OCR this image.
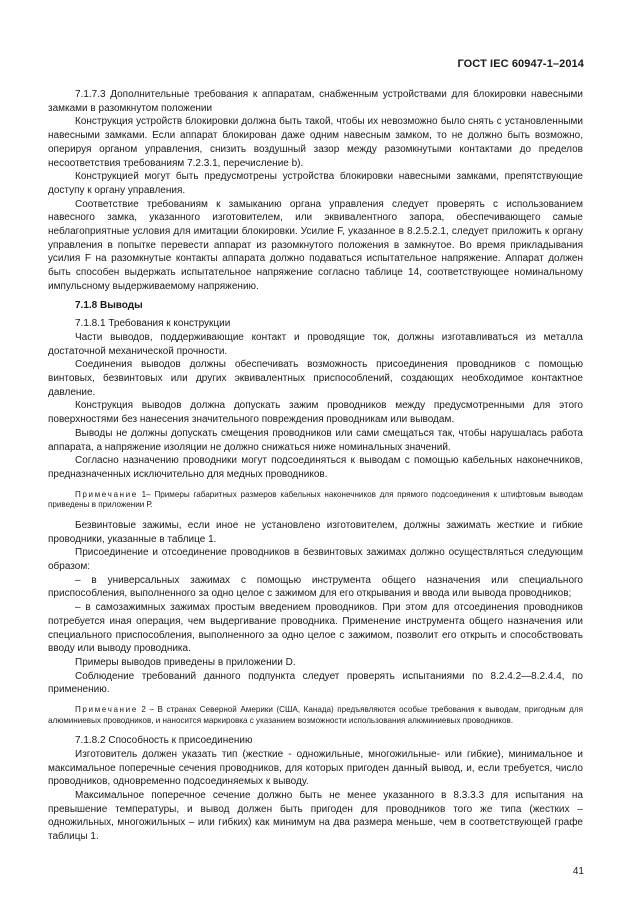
ГОСТ IEC 60947-1–2014

7.1.7.3 Дополнительные требования к аппаратам, снабженным устройствами для блокировки навесными замками в разомкнутом положении

Конструкция устройств блокировки должна быть такой, чтобы их невозможно было снять с установленными навесными замками. Если аппарат блокирован даже одним навесным замком, то не должно быть возможно, оперируя органом управления, снизить воздушный зазор между разомкнутыми контактами до пределов несоответствия требованиям 7.2.3.1, перечисление b).

Конструкцией могут быть предусмотрены устройства блокировки навесными замками, препятствующие доступу к органу управления.

Соответствие требованиям к замыканию органа управления следует проверять с использованием навесного замка, указанного изготовителем, или эквивалентного запора, обеспечивающего самые неблагоприятные условия для имитации блокировки. Усилие F, указанное в 8.2.5.2.1, следует приложить к органу управления в попытке перевести аппарат из разомкнутого положения в замкнутое. Во время прикладывания усилия F на разомкнутые контакты аппарата должно подаваться испытательное напряжение. Аппарат должен быть способен выдержать испытательное напряжение согласно таблице 14, соответствующее номинальному импульсному выдерживаемому напряжению.

7.1.8 Выводы

7.1.8.1 Требования к конструкции

Части выводов, поддерживающие контакт и проводящие ток, должны изготавливаться из металла достаточной механической прочности.

Соединения выводов должны обеспечивать возможность присоединения проводников с помощью винтовых, безвинтовых или других эквивалентных приспособлений, создающих необходимое контактное давление.

Конструкция выводов должна допускать зажим проводников между предусмотренными для этого поверхностями без нанесения значительного повреждения проводникам или выводам.

Выводы не должны допускать смещения проводников или сами смещаться так, чтобы нарушалась работа аппарата, а напряжение изоляции не должно снижаться ниже номинальных значений.

Согласно назначению проводники могут подсоединяться к выводам с помощью кабельных наконечников, предназначенных исключительно для медных проводников.

Примечание 1– Примеры габаритных размеров кабельных наконечников для прямого подсоединения к штифтовым выводам приведены в приложении Р.

Безвинтовые зажимы, если иное не установлено изготовителем, должны зажимать жесткие и гибкие проводники, указанные в таблице 1.

Присоединение и отсоединение проводников в безвинтовых зажимах должно осуществляться следующим образом:

– в универсальных зажимах с помощью инструмента общего назначения или специального приспособления, выполненного за одно целое с зажимом для его открывания и ввода или вывода проводников;

– в самозажимных зажимах простым введением проводников. При этом для отсоединения проводников потребуется иная операция, чем выдергивание проводника. Применение инструмента общего назначения или специального приспособления, выполненного за одно целое с зажимом, позволит его открыть и способствовать вводу или выводу проводника.

Примеры выводов приведены в приложении D.

Соблюдение требований данного подпункта следует проверять испытаниями по 8.2.4.2—8.2.4.4, по применению.

Примечание 2 – В странах Северной Америки (США, Канада) предъявляются особые требования к выводам, пригодным для алюминиевых проводников, и наносится маркировка с указанием возможности использования алюминиевых проводников.

7.1.8.2 Способность к присоединению

Изготовитель должен указать тип (жесткие - одножильные, многожильные- или гибкие), минимальное и максимальное поперечные сечения проводников, для которых пригоден данный вывод, и, если требуется, число проводников, одновременно подсоединяемых к выводу.

Максимальное поперечное сечение должно быть не менее указанного в 8.3.3.3 для испытания на превышение температуры, и вывод должен быть пригоден для проводников того же типа (жестких – одножильных, многожильных – или гибких) как минимум на два размера меньше, чем в соответствующей графе таблицы 1.

41
